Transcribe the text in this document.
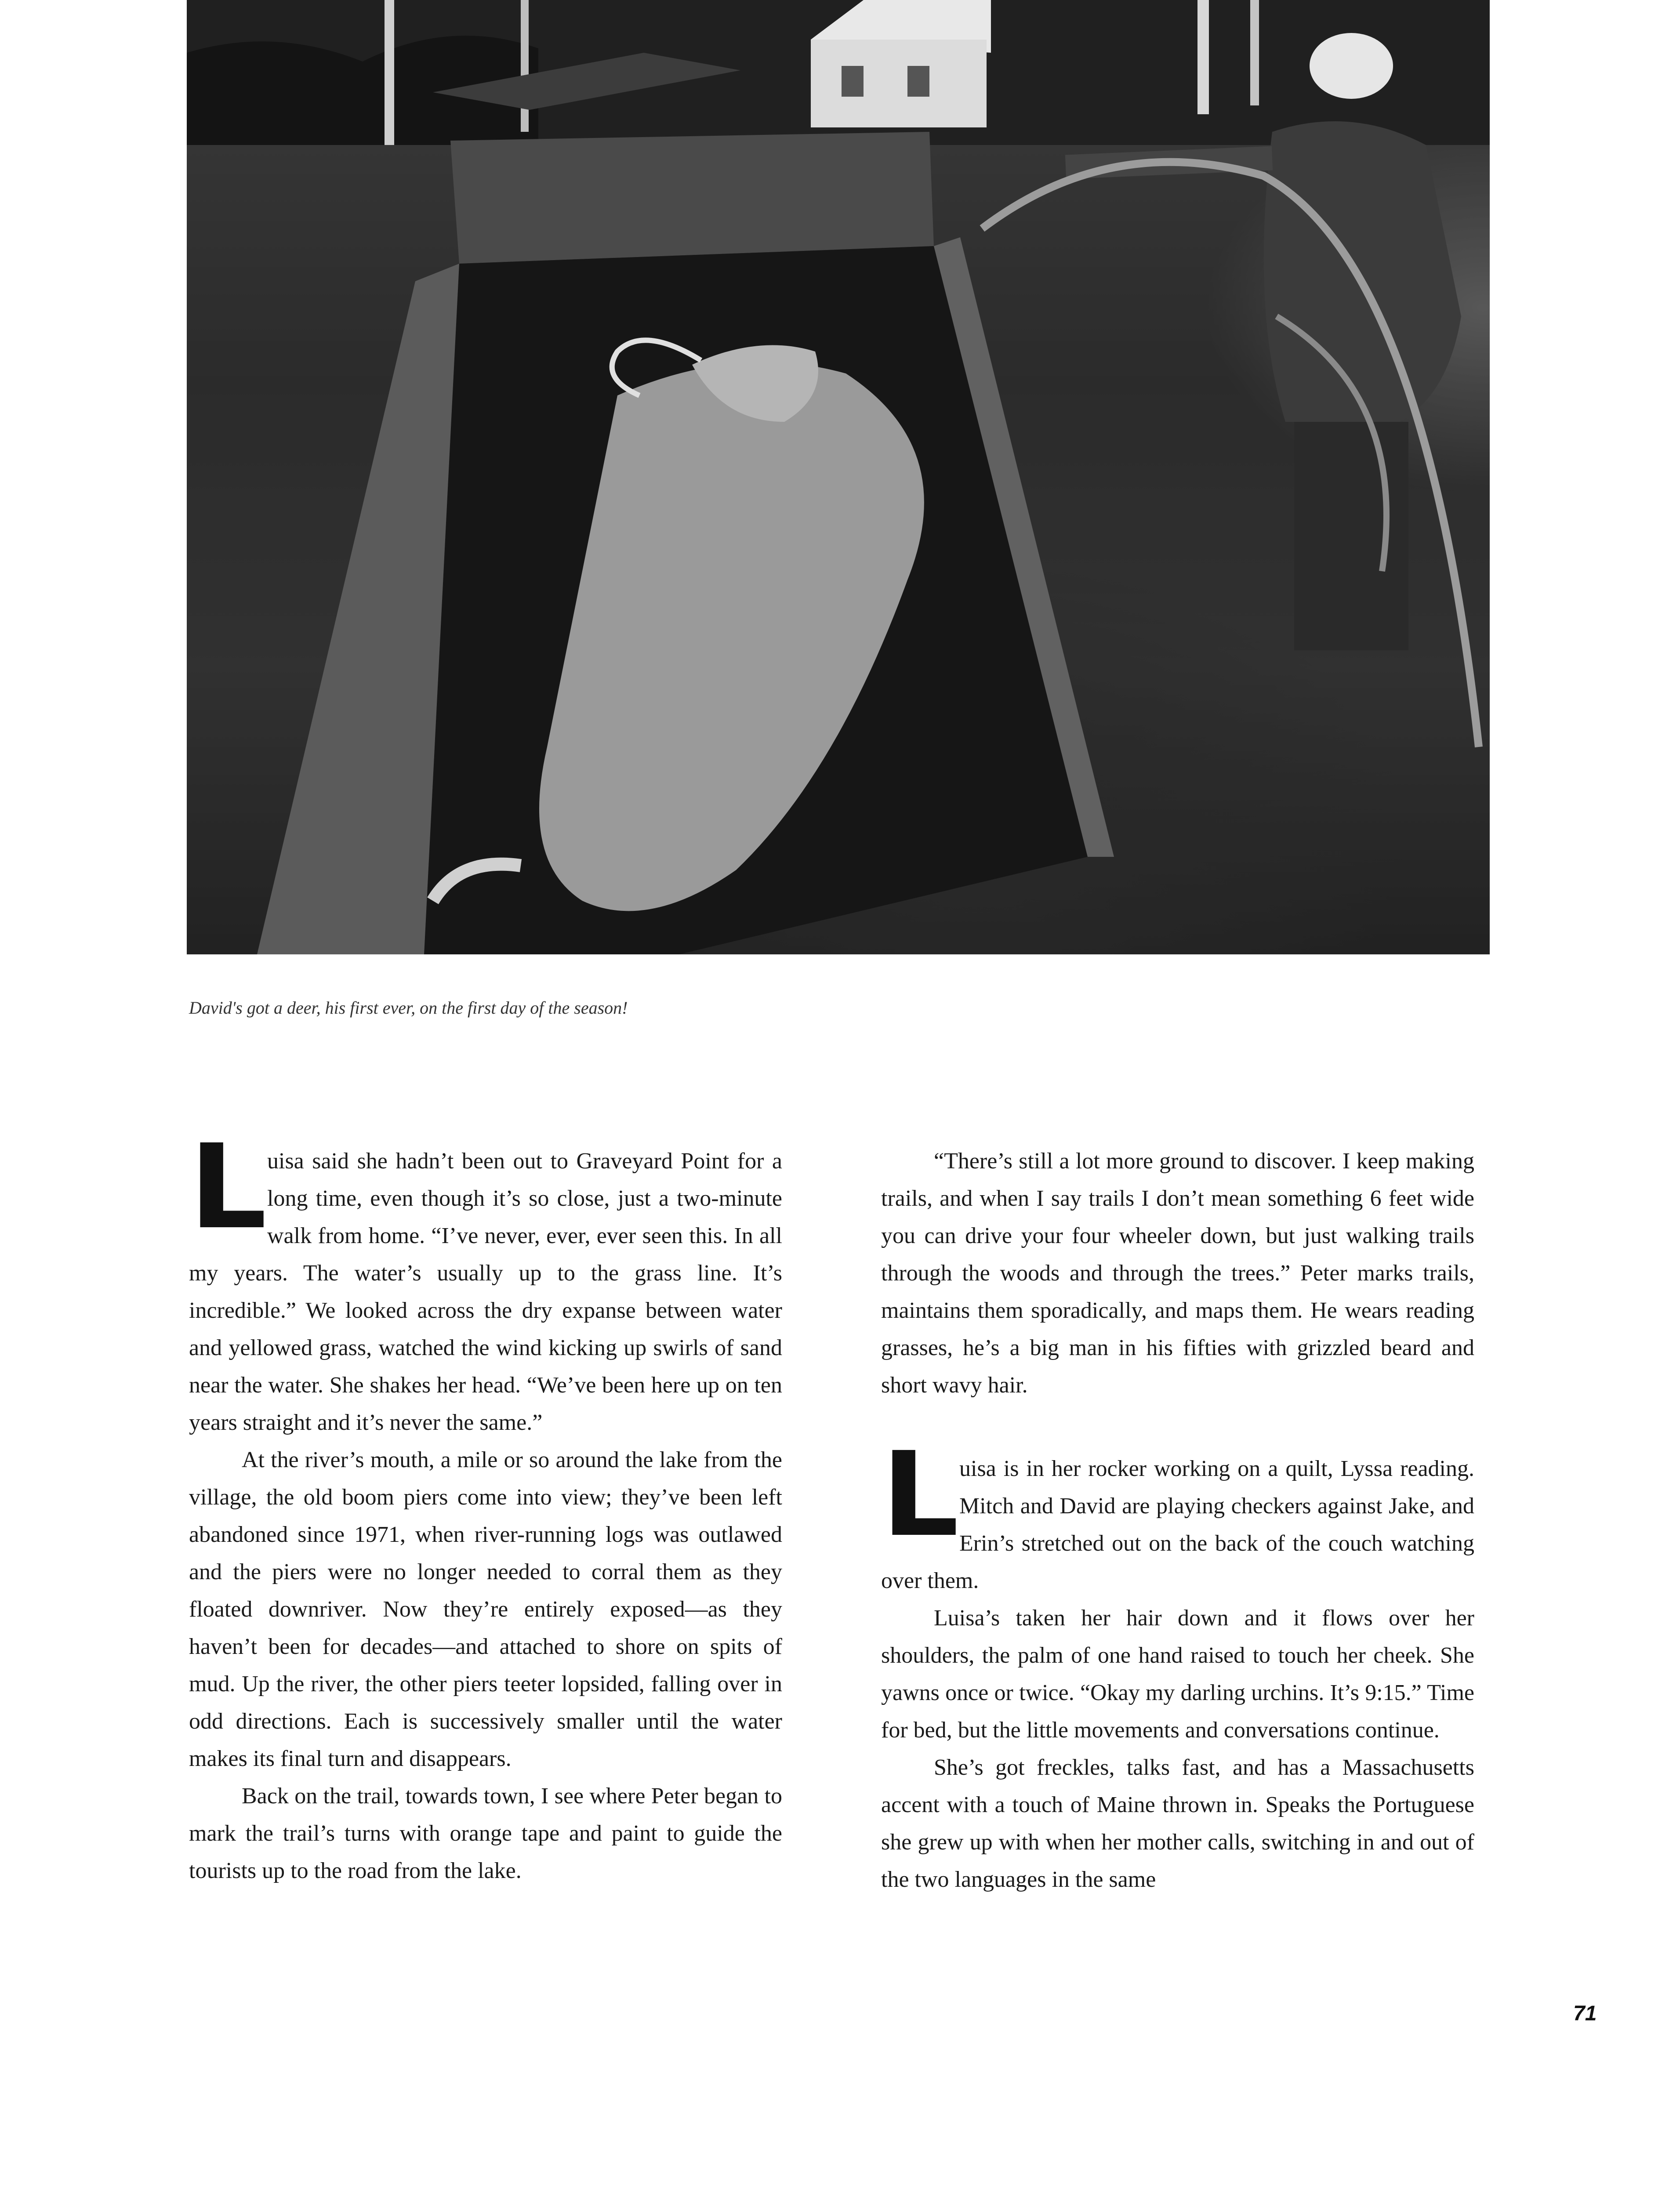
David's got a deer, his first ever, on the first day of the season!
L uisa said she hadn’t been out to Graveyard Point for a long time, even though it’s so close, just a two-minute walk from home. “I’ve never, ever, ever seen this. In all my years. The water’s usually up to the grass line. It’s incredible.” We looked across the dry expanse between water and yellowed grass, watched the wind kicking up swirls of sand near the water. She shakes her head. “We’ve been here up on ten years straight and it’s never the same.”

At the river’s mouth, a mile or so around the lake from the village, the old boom piers come into view; they’ve been left abandoned since 1971, when river-running logs was outlawed and the piers were no longer needed to corral them as they floated downriver. Now they’re entirely exposed—as they haven’t been for decades—and attached to shore on spits of mud. Up the river, the other piers teeter lopsided, falling over in odd directions. Each is successively smaller until the water makes its final turn and disappears.

Back on the trail, towards town, I see where Peter began to mark the trail’s turns with orange tape and paint to guide the tourists up to the road from the lake.

“There’s still a lot more ground to discover. I keep making trails, and when I say trails I don’t mean something 6 feet wide you can drive your four wheeler down, but just walking trails through the woods and through the trees.” Peter marks trails, maintains them sporadically, and maps them. He wears reading grasses, he’s a big man in his fifties with grizzled beard and short wavy hair.

L uisa is in her rocker working on a quilt, Lyssa reading. Mitch and David are playing checkers against Jake, and Erin’s stretched out on the back of the couch watching over them.

Luisa’s taken her hair down and it flows over her shoulders, the palm of one hand raised to touch her cheek. She yawns once or twice. “Okay my darling urchins. It’s 9:15.” Time for bed, but the little movements and conversations continue.

She’s got freckles, talks fast, and has a Massachusetts accent with a touch of Maine thrown in. Speaks the Portuguese she grew up with when her mother calls, switching in and out of the two languages in the same

71
